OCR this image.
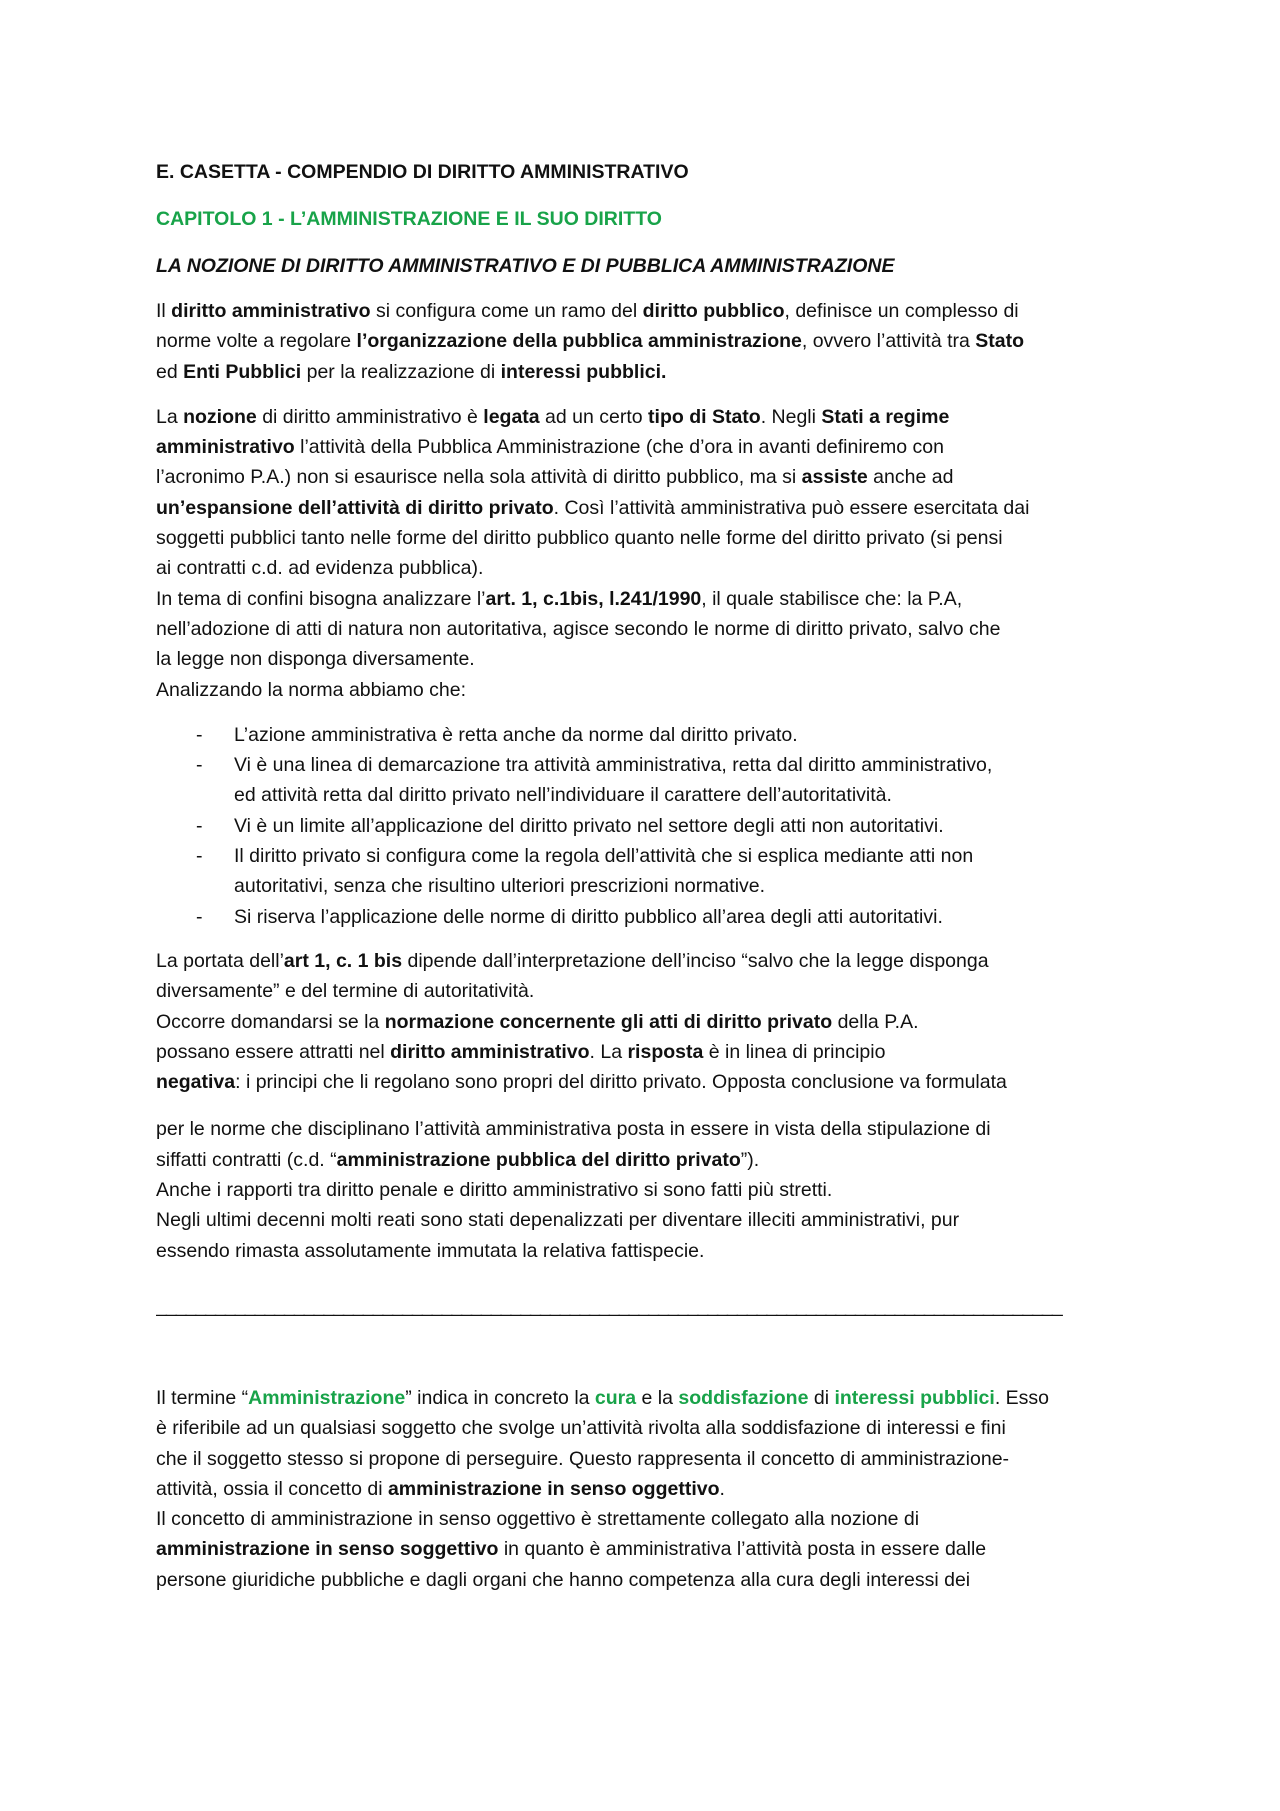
E. CASETTA - COMPENDIO DI DIRITTO AMMINISTRATIVO
CAPITOLO 1 - L’AMMINISTRAZIONE E IL SUO DIRITTO
LA NOZIONE DI DIRITTO AMMINISTRATIVO E DI PUBBLICA AMMINISTRAZIONE
Il diritto amministrativo si configura come un ramo del diritto pubblico, definisce un complesso di
norme volte a regolare l’organizzazione della pubblica amministrazione, ovvero l’attività tra Stato
ed Enti Pubblici per la realizzazione di interessi pubblici.
La nozione di diritto amministrativo è legata ad un certo tipo di Stato. Negli Stati a regime
amministrativo l’attività della Pubblica Amministrazione (che d’ora in avanti definiremo con
l’acronimo P.A.) non si esaurisce nella sola attività di diritto pubblico, ma si assiste anche ad
un’espansione dell’attività di diritto privato. Così l’attività amministrativa può essere esercitata dai
soggetti pubblici tanto nelle forme del diritto pubblico quanto nelle forme del diritto privato (si pensi
ai contratti c.d. ad evidenza pubblica).
In tema di confini bisogna analizzare l’art. 1, c.1bis, l.241/1990, il quale stabilisce che: la P.A,
nell’adozione di atti di natura non autoritativa, agisce secondo le norme di diritto privato, salvo che
la legge non disponga diversamente.
Analizzando la norma abbiamo che:
- L’azione amministrativa è retta anche da norme dal diritto privato.
- Vi è una linea di demarcazione tra attività amministrativa, retta dal diritto amministrativo,
ed attività retta dal diritto privato nell’individuare il carattere dell’autoritatività.
- Vi è un limite all’applicazione del diritto privato nel settore degli atti non autoritativi.
- Il diritto privato si configura come la regola dell’attività che si esplica mediante atti non
autoritativi, senza che risultino ulteriori prescrizioni normative.
- Si riserva l’applicazione delle norme di diritto pubblico all’area degli atti autoritativi.
La portata dell’art 1, c. 1 bis dipende dall’interpretazione dell’inciso “salvo che la legge disponga
diversamente” e del termine di autoritatività.
Occorre domandarsi se la normazione concernente gli atti di diritto privato della P.A.
possano essere attratti nel diritto amministrativo. La risposta è in linea di principio
negativa: i principi che li regolano sono propri del diritto privato. Opposta conclusione va formulata
per le norme che disciplinano l’attività amministrativa posta in essere in vista della stipulazione di
siffatti contratti (c.d. “amministrazione pubblica del diritto privato”).
Anche i rapporti tra diritto penale e diritto amministrativo si sono fatti più stretti.
Negli ultimi decenni molti reati sono stati depenalizzati per diventare illeciti amministrativi, pur
essendo rimasta assolutamente immutata la relativa fattispecie.
____________________________________________________________________________________________
Il termine “Amministrazione” indica in concreto la cura e la soddisfazione di interessi pubblici. Esso
è riferibile ad un qualsiasi soggetto che svolge un’attività rivolta alla soddisfazione di interessi e fini
che il soggetto stesso si propone di perseguire. Questo rappresenta il concetto di amministrazione-
attività, ossia il concetto di amministrazione in senso oggettivo.
Il concetto di amministrazione in senso oggettivo è strettamente collegato alla nozione di
amministrazione in senso soggettivo in quanto è amministrativa l’attività posta in essere dalle
persone giuridiche pubbliche e dagli organi che hanno competenza alla cura degli interessi dei
